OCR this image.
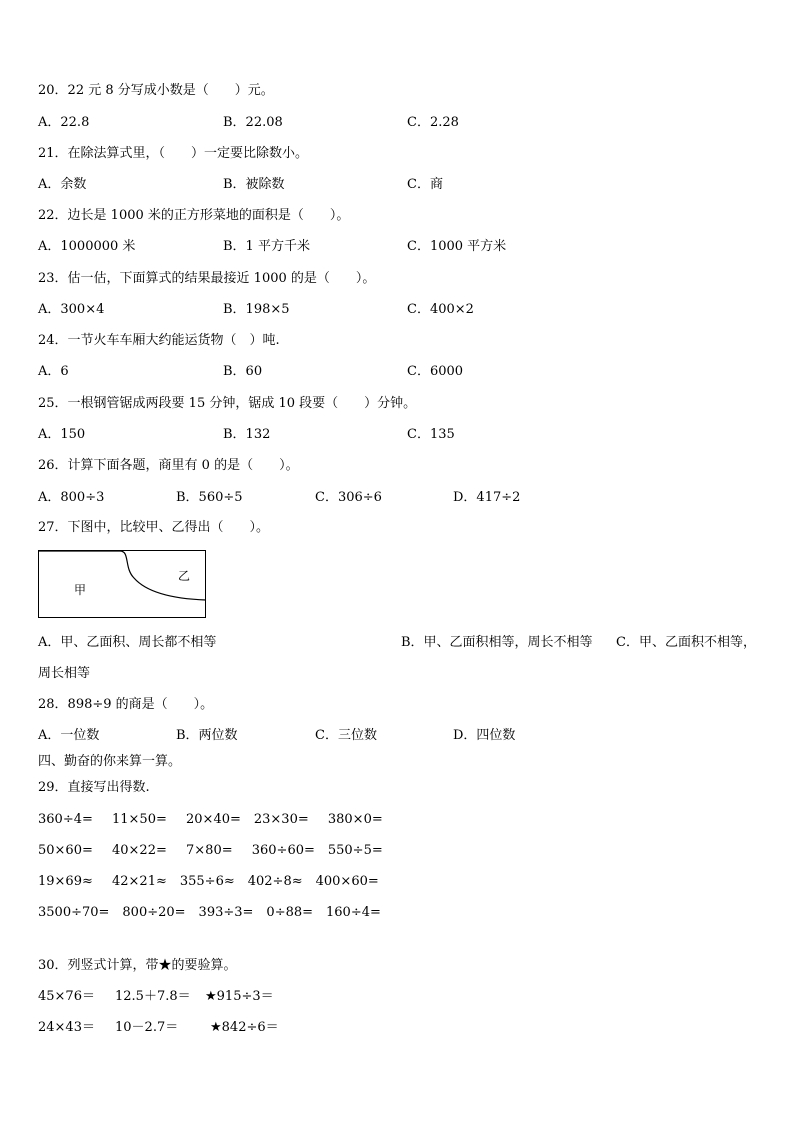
20．22 元 8 分写成小数是（　　）元。
A．22.8	B．22.08	C．2.28
21．在除法算式里，（　　）一定要比除数小。
A．余数	B．被除数	C．商
22．边长是 1000 米的正方形菜地的面积是（　　）。
A．1000000 米	B．1 平方千米	C．1000 平方米
23．估一估，下面算式的结果最接近 1000 的是（　　）。
A．300×4	B．198×5	C．400×2
24．一节火车车厢大约能运货物（　）吨.
A．6	B．60	C．6000
25．一根钢管锯成两段要 15 分钟，锯成 10 段要（　　）分钟。
A．150	B．132	C．135
26．计算下面各题，商里有 0 的是（　　）。
A．800÷3	B．560÷5	C．306÷6	D．417÷2
27．下图中，比较甲、乙得出（　　）。
甲
乙
A．甲、乙面积、周长都不相等	B．甲、乙面积相等，周长不相等 C．甲、乙面积不相等，
周长相等
28．898÷9 的商是（　　）。
A．一位数	B．两位数	C．三位数	D．四位数
四、勤奋的你来算一算。
29．直接写出得数.
360÷4=　 11×50=　 20×40=　23×30=　 380×0=
50×60=　 40×22=　 7×80=　 360÷60=　550÷5=
19×69≈　 42×21≈　355÷6≈　402÷8≈　400×60=
3500÷70=　800÷20=　393÷3=　0÷88=　160÷4=
30．列竖式计算，带★的要验算。
45×76＝ 12.5＋7.8＝ ★915÷3＝
24×43＝ 10－2.7＝ ★842÷6＝
